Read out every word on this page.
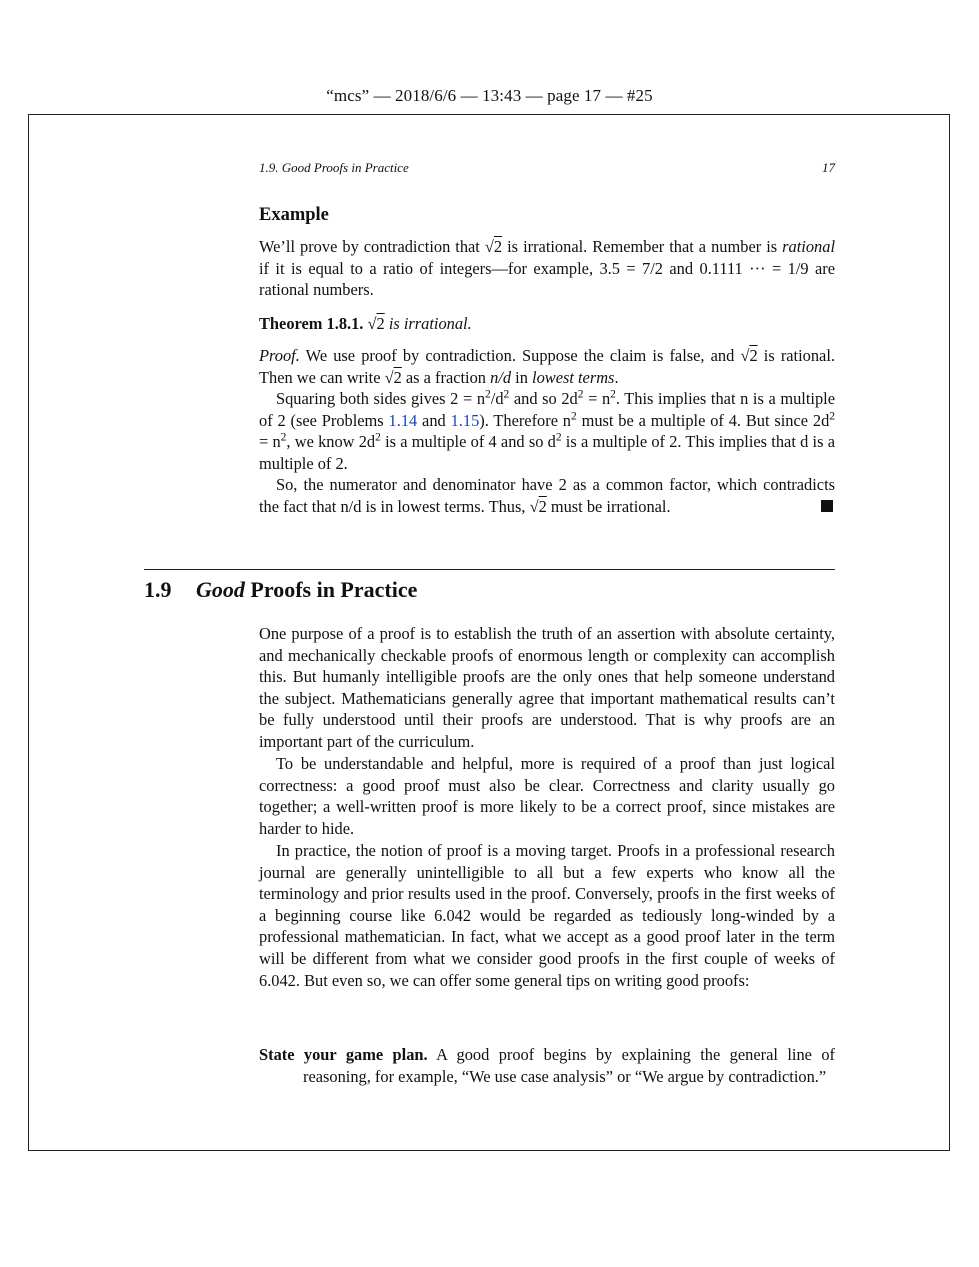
“mcs” — 2018/6/6 — 13:43 — page 17 — #25
1.9. Good Proofs in Practice	17
Example

We’ll prove by contradiction that √2 is irrational. Remember that a number is rational if it is equal to a ratio of integers—for example, 3.5 = 7/2 and 0.1111 ··· = 1/9 are rational numbers.

Theorem 1.8.1. √2 is irrational.

Proof. We use proof by contradiction. Suppose the claim is false, and √2 is rational. Then we can write √2 as a fraction n/d in lowest terms.

Squaring both sides gives $2 = n^2/d^2$ and so $2d^2 = n^2$. This implies that n is a multiple of 2 (see Problems 1.14 and 1.15). Therefore $n^2$ must be a multiple of 4. But since $2d^2 = n^2$, we know $2d^2$ is a multiple of 4 and so $d^2$ is a multiple of 2. This implies that d is a multiple of 2.

So, the numerator and denominator have 2 as a common factor, which contradicts the fact that n/d is in lowest terms. Thus, √2 must be irrational.

1.9 Good Proofs in Practice

One purpose of a proof is to establish the truth of an assertion with absolute certainty, and mechanically checkable proofs of enormous length or complexity can accomplish this. But humanly intelligible proofs are the only ones that help someone understand the subject. Mathematicians generally agree that important mathematical results can’t be fully understood until their proofs are understood. That is why proofs are an important part of the curriculum.

To be understandable and helpful, more is required of a proof than just logical correctness: a good proof must also be clear. Correctness and clarity usually go together; a well-written proof is more likely to be a correct proof, since mistakes are harder to hide.

In practice, the notion of proof is a moving target. Proofs in a professional research journal are generally unintelligible to all but a few experts who know all the terminology and prior results used in the proof. Conversely, proofs in the first weeks of a beginning course like 6.042 would be regarded as tediously long-winded by a professional mathematician. In fact, what we accept as a good proof later in the term will be different from what we consider good proofs in the first couple of weeks of 6.042. But even so, we can offer some general tips on writing good proofs:

State your game plan. A good proof begins by explaining the general line of reasoning, for example, “We use case analysis” or “We argue by contradiction.”
